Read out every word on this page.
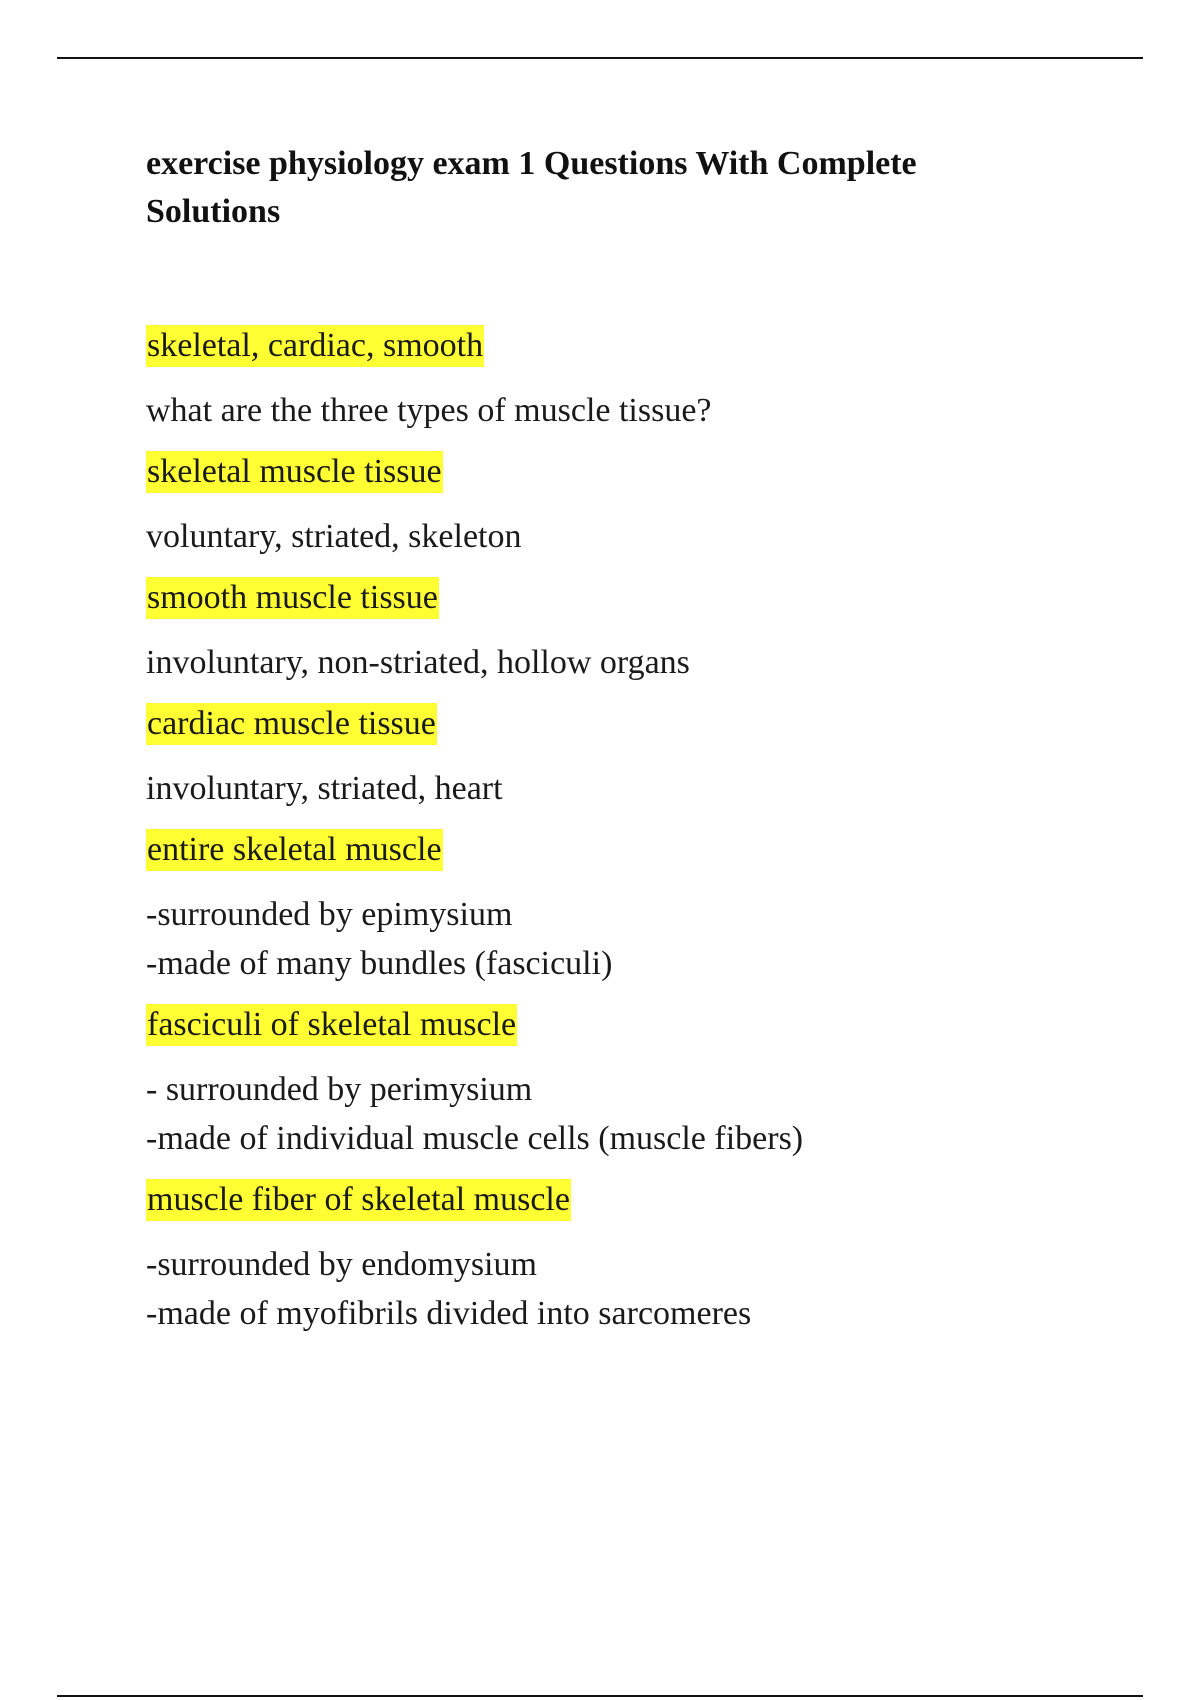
exercise physiology exam 1 Questions With Complete Solutions
skeletal, cardiac, smooth
what are the three types of muscle tissue?
skeletal muscle tissue
voluntary, striated, skeleton
smooth muscle tissue
involuntary, non-striated, hollow organs
cardiac muscle tissue
involuntary, striated, heart
entire skeletal muscle
-surrounded by epimysium
-made of many bundles (fasciculi)
fasciculi of skeletal muscle
- surrounded by perimysium
-made of individual muscle cells (muscle fibers)
muscle fiber of skeletal muscle
-surrounded by endomysium
-made of myofibrils divided into sarcomeres
